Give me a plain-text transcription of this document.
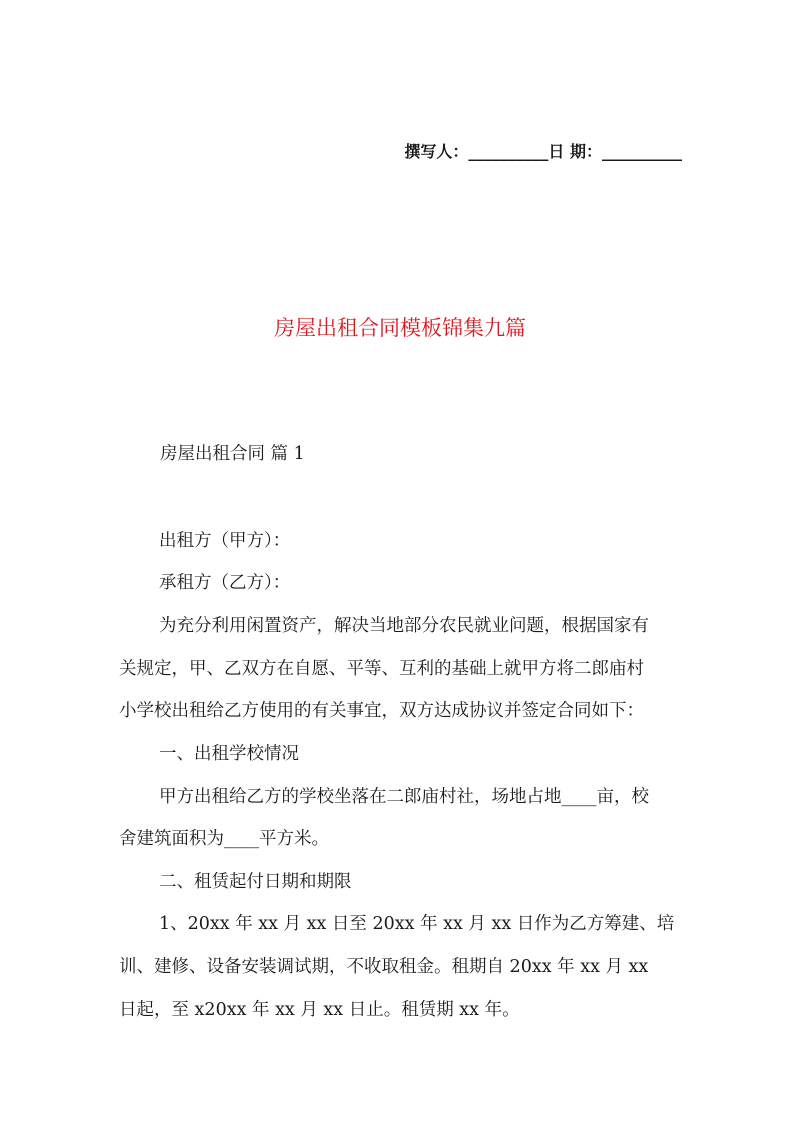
撰写人：__________日 期：__________
房屋出租合同模板锦集九篇
房屋出租合同 篇 1
出租方（甲方）：
承租方（乙方）：
为充分利用闲置资产，解决当地部分农民就业问题，根据国家有
关规定，甲、乙双方在自愿、平等、互利的基础上就甲方将二郎庙村
小学校出租给乙方使用的有关事宜，双方达成协议并签定合同如下：
一、出租学校情况
甲方出租给乙方的学校坐落在二郎庙村社，场地占地____亩，校
舍建筑面积为____平方米。
二、租赁起付日期和期限
1、20xx 年 xx 月 xx 日至 20xx 年 xx 月 xx 日作为乙方筹建、培
训、建修、设备安装调试期，不收取租金。租期自 20xx 年 xx 月 xx
日起，至 x20xx 年 xx 月 xx 日止。租赁期 xx 年。
